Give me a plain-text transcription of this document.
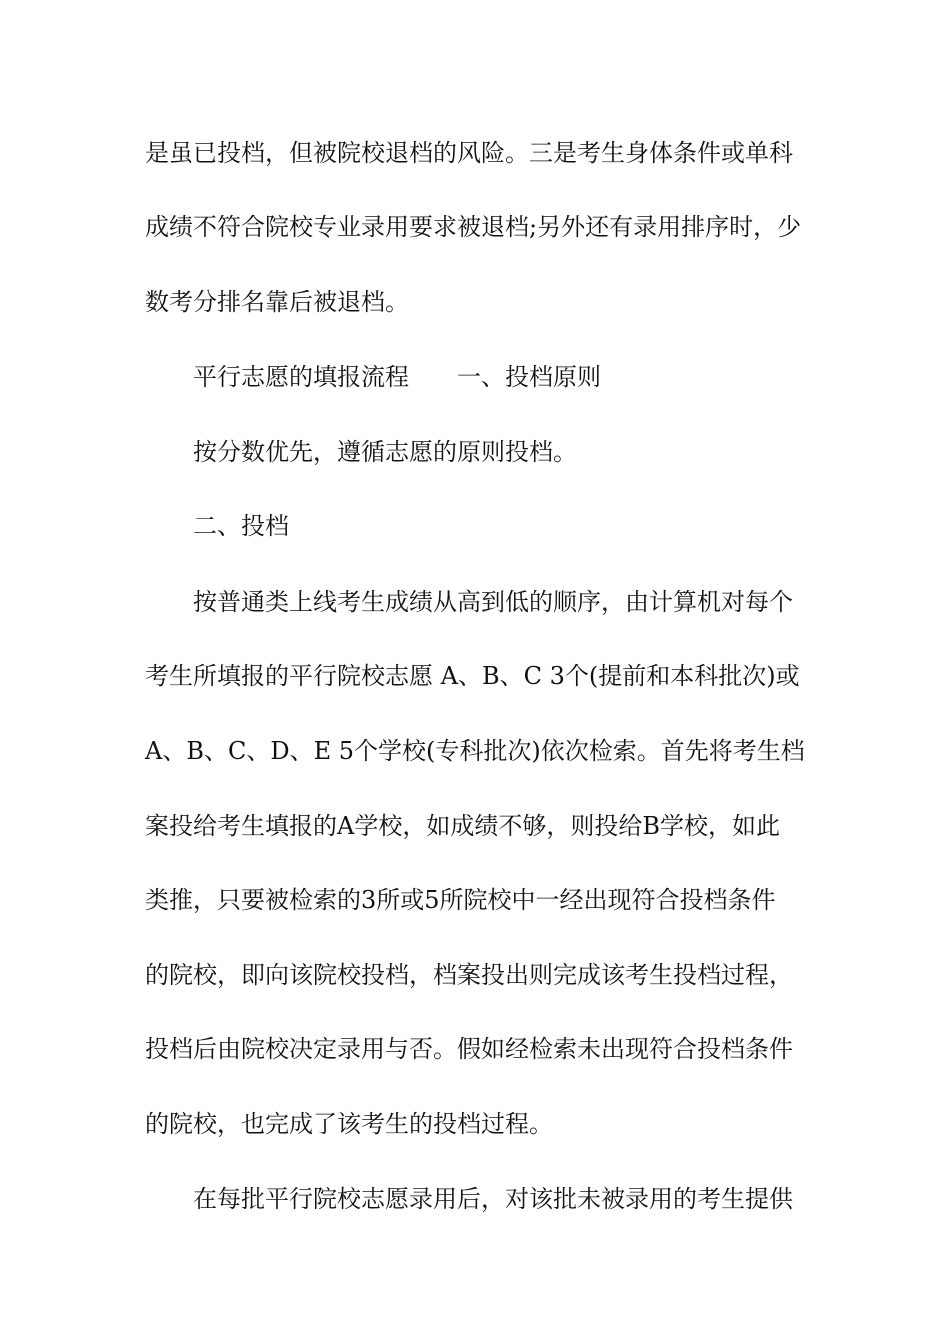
是虽已投档，但被院校退档的风险。三是考生身体条件或单科
成绩不符合院校专业录用要求被退档;另外还有录用排序时，少
数考分排名靠后被退档。
平行志愿的填报流程 一、投档原则
按分数优先，遵循志愿的原则投档。
二、投档
按普通类上线考生成绩从高到低的顺序，由计算机对每个
考生所填报的平行院校志愿 A、B、C 3个(提前和本科批次)或
A、B、C、D、E 5个学校(专科批次)依次检索。首先将考生档
案投给考生填报的A学校，如成绩不够，则投给B学校，如此
类推，只要被检索的3所或5所院校中一经出现符合投档条件
的院校，即向该院校投档，档案投出则完成该考生投档过程，
投档后由院校决定录用与否。假如经检索未出现符合投档条件
的院校，也完成了该考生的投档过程。
在每批平行院校志愿录用后，对该批未被录用的考生提供
